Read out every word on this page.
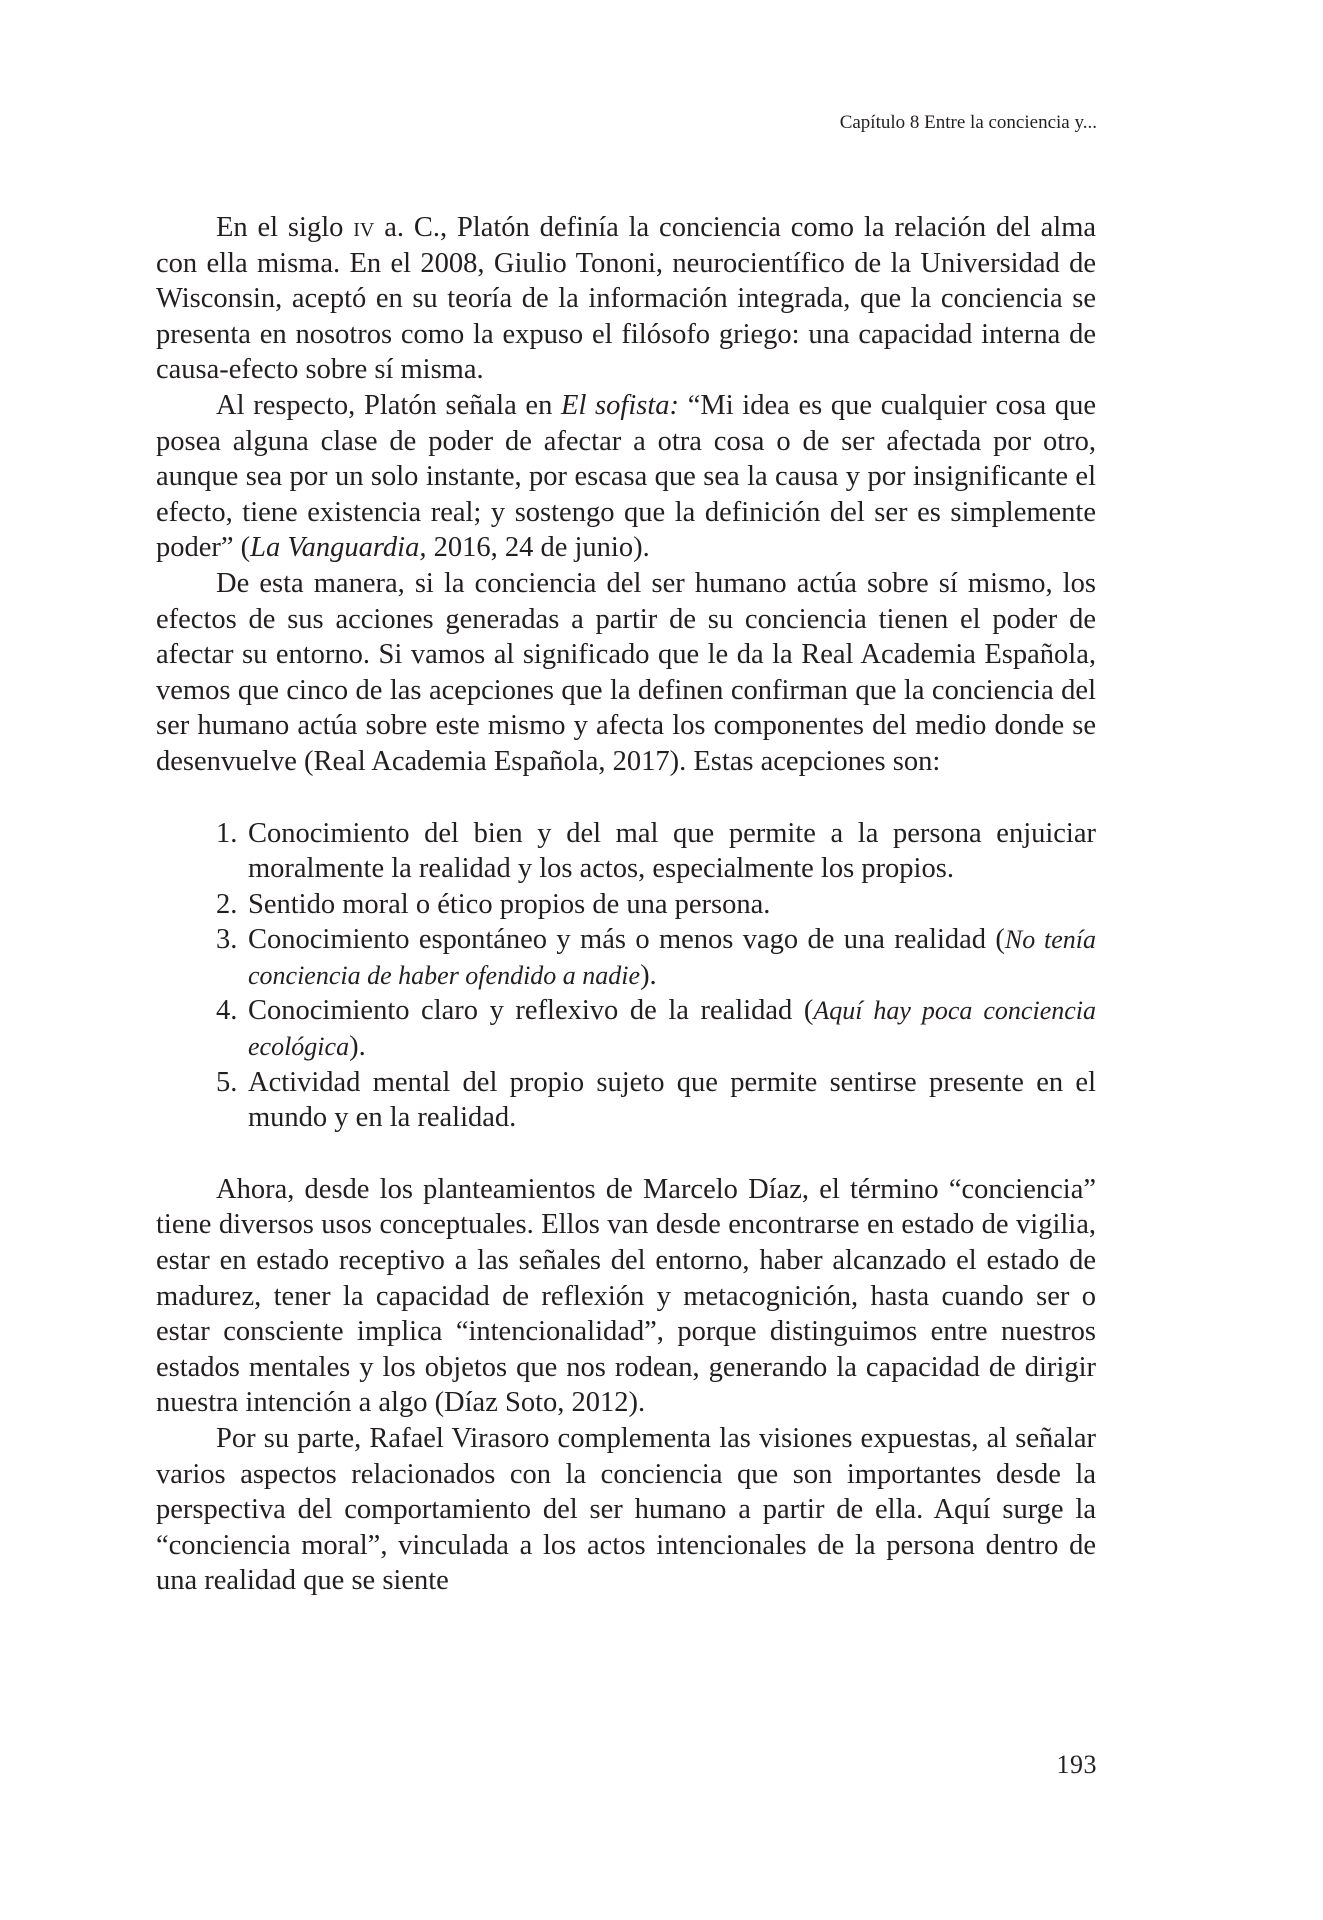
Capítulo 8 Entre la conciencia y...

En el siglo iv a. C., Platón definía la conciencia como la relación del alma con ella misma. En el 2008, Giulio Tononi, neurocientífico de la Universidad de Wisconsin, aceptó en su teoría de la información integrada, que la conciencia se presenta en nosotros como la expuso el filósofo griego: una capacidad interna de causa-efecto sobre sí misma.

Al respecto, Platón señala en El sofista: “Mi idea es que cualquier cosa que posea alguna clase de poder de afectar a otra cosa o de ser afectada por otro, aunque sea por un solo instante, por escasa que sea la causa y por insignificante el efecto, tiene existencia real; y sostengo que la definición del ser es simplemente poder” (La Vanguardia, 2016, 24 de junio).

De esta manera, si la conciencia del ser humano actúa sobre sí mismo, los efectos de sus acciones generadas a partir de su conciencia tienen el poder de afectar su entorno. Si vamos al significado que le da la Real Academia Española, vemos que cinco de las acepciones que la definen confirman que la conciencia del ser humano actúa sobre este mismo y afecta los componentes del medio donde se desenvuelve (Real Academia Española, 2017). Estas acepciones son:

1. Conocimiento del bien y del mal que permite a la persona enjuiciar moralmente la realidad y los actos, especialmente los propios.
2. Sentido moral o ético propios de una persona.
3. Conocimiento espontáneo y más o menos vago de una realidad (No tenía conciencia de haber ofendido a nadie).
4. Conocimiento claro y reflexivo de la realidad (Aquí hay poca conciencia ecológica).
5. Actividad mental del propio sujeto que permite sentirse presente en el mundo y en la realidad.

Ahora, desde los planteamientos de Marcelo Díaz, el término “conciencia” tiene diversos usos conceptuales. Ellos van desde encontrarse en estado de vigilia, estar en estado receptivo a las señales del entorno, haber alcanzado el estado de madurez, tener la capacidad de reflexión y metacognición, hasta cuando ser o estar consciente implica “intencionalidad”, porque distinguimos entre nuestros estados mentales y los objetos que nos rodean, generando la capacidad de dirigir nuestra intención a algo (Díaz Soto, 2012).

Por su parte, Rafael Virasoro complementa las visiones expuestas, al señalar varios aspectos relacionados con la conciencia que son importantes desde la perspectiva del comportamiento del ser humano a partir de ella. Aquí surge la “conciencia moral”, vinculada a los actos intencionales de la persona dentro de una realidad que se siente

193
